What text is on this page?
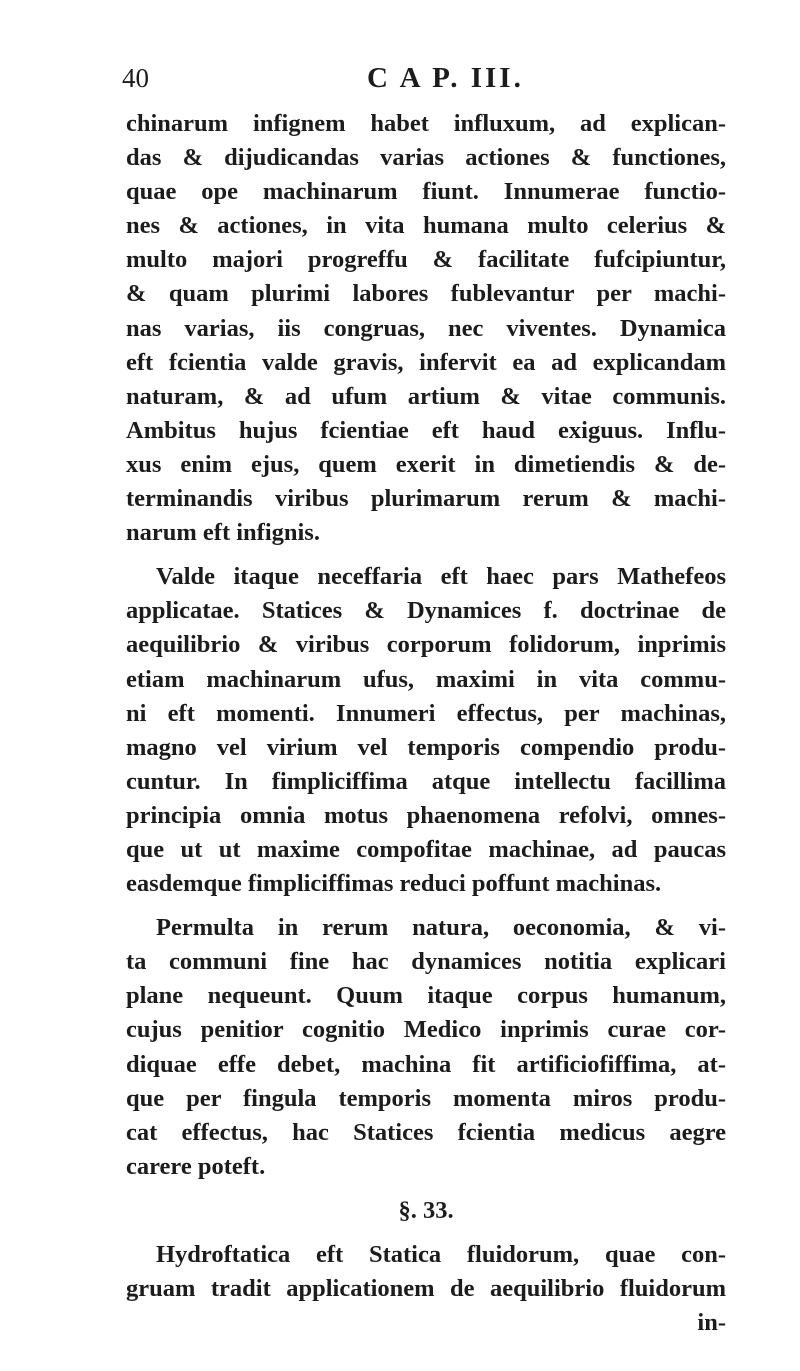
40	C A P. III.
chinarum infignem habet influxum, ad explican-
das & dijudicandas varias actiones & functiones,
quae ope machinarum fiunt. Innumerae functio-
nes & actiones, in vita humana multo celerius &
multo majori progreffu & facilitate fufcipiuntur,
& quam plurimi labores fublevantur per machi-
nas varias, iis congruas, nec viventes. Dynamica
eft fcientia valde gravis, infervit ea ad explicandam
naturam, & ad ufum artium & vitae communis.
Ambitus hujus fcientiae eft haud exiguus. Influ-
xus enim ejus, quem exerit in dimetiendis & de-
terminandis viribus plurimarum rerum & machi-
narum eft infignis.
Valde itaque neceffaria eft haec pars Mathefeos
applicatae. Statices & Dynamices f. doctrinae de
aequilibrio & viribus corporum folidorum, inprimis
etiam machinarum ufus, maximi in vita commu-
ni eft momenti. Innumeri effectus, per machinas,
magno vel virium vel temporis compendio produ-
cuntur. In fimpliciffima atque intellectu facillima
principia omnia motus phaenomena refolvi, omnes-
que ut ut maxime compofitae machinae, ad paucas
easdemque fimpliciffimas reduci poffunt machinas.
Permulta in rerum natura, oeconomia, & vi-
ta communi fine hac dynamices notitia explicari
plane nequeunt. Quum itaque corpus humanum,
cujus penitior cognitio Medico inprimis curae cor-
diquae effe debet, machina fit artificiofiffima, at-
que per fingula temporis momenta miros produ-
cat effectus, hac Statices fcientia medicus aegre
carere poteft.
§. 33.
Hydroftatica eft Statica fluidorum, quae con-
gruam tradit applicationem de aequilibrio fluidorum
in-
